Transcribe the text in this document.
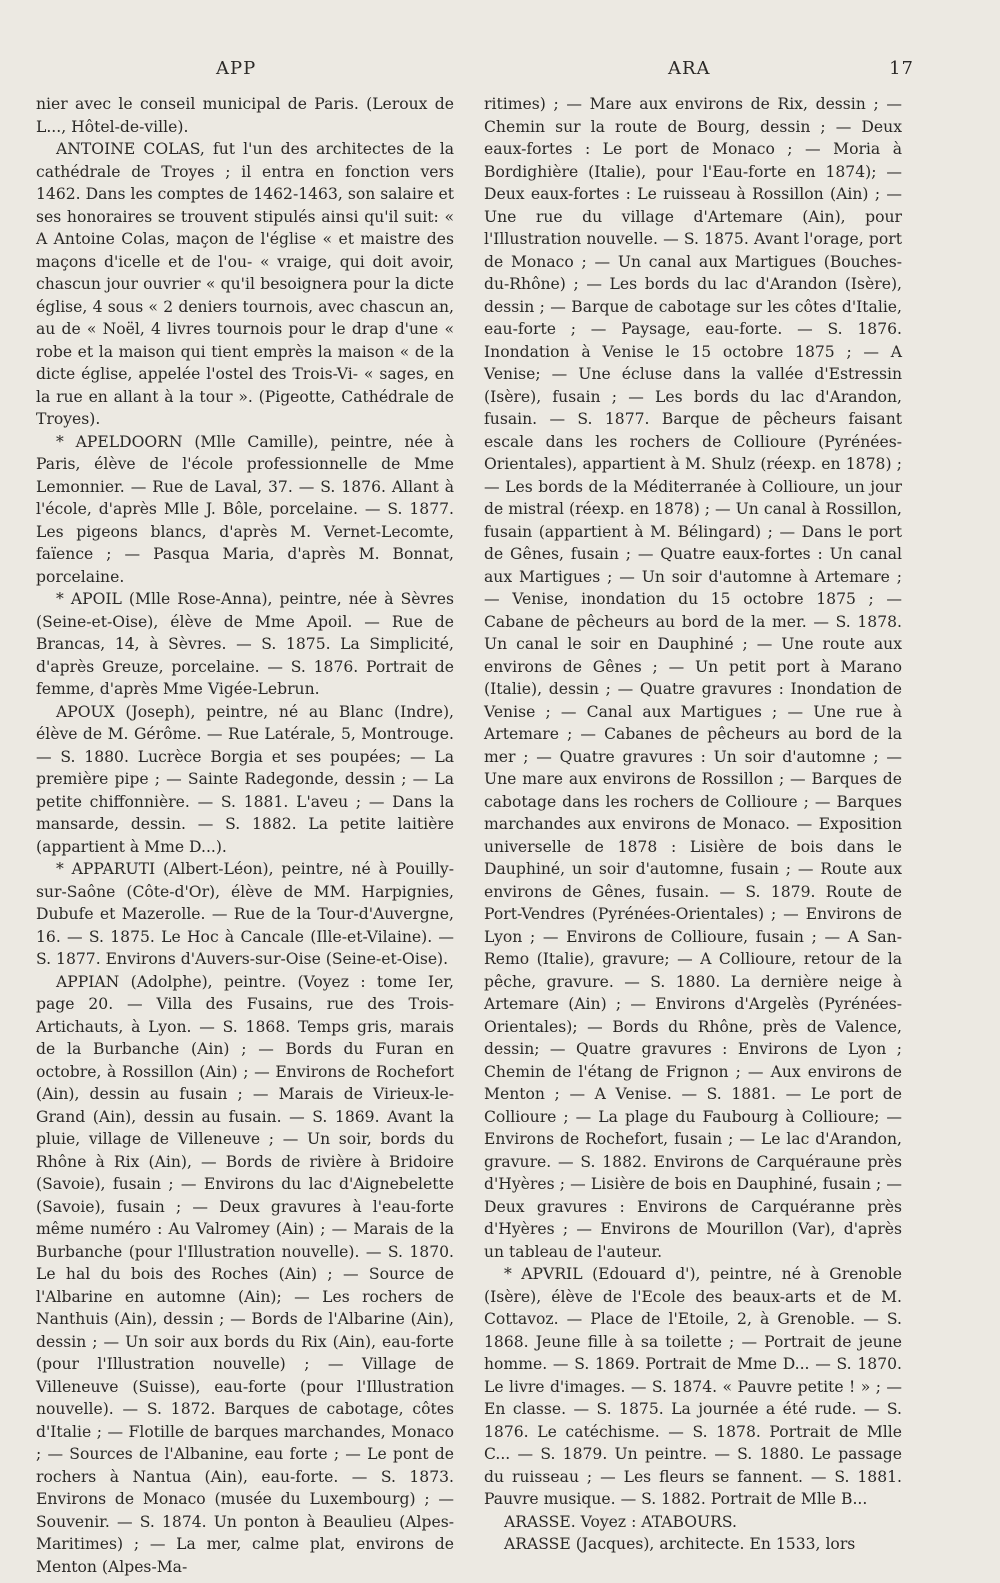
APP	ARA	17

nier avec le conseil municipal de Paris. (Leroux de L..., Hôtel-de-ville).

ANTOINE COLAS, fut l'un des architectes de la cathédrale de Troyes ; il entra en fonction vers 1462. Dans les comptes de 1462-1463, son salaire et ses honoraires se trouvent stipulés ainsi qu'il suit: « A Antoine Colas, maçon de l'église « et maistre des maçons d'icelle et de l'ou- « vraige, qui doit avoir, chascun jour ouvrier « qu'il besoignera pour la dicte église, 4 sous « 2 deniers tournois, avec chascun an, au de « Noël, 4 livres tournois pour le drap d'une « robe et la maison qui tient emprès la maison « de la dicte église, appelée l'ostel des Trois-Vi- « sages, en la rue en allant à la tour ». (Pigeotte, Cathédrale de Troyes).

* APELDOORN (Mlle Camille), peintre, née à Paris, élève de l'école professionnelle de Mme Lemonnier. — Rue de Laval, 37. — S. 1876. Allant à l'école, d'après Mlle J. Bôle, porcelaine. — S. 1877. Les pigeons blancs, d'après M. Vernet-Lecomte, faïence ; — Pasqua Maria, d'après M. Bonnat, porcelaine.

* APOIL (Mlle Rose-Anna), peintre, née à Sèvres (Seine-et-Oise), élève de Mme Apoil. — Rue de Brancas, 14, à Sèvres. — S. 1875. La Simplicité, d'après Greuze, porcelaine. — S. 1876. Portrait de femme, d'après Mme Vigée-Lebrun.

APOUX (Joseph), peintre, né au Blanc (Indre), élève de M. Gérôme. — Rue Latérale, 5, Montrouge. — S. 1880. Lucrèce Borgia et ses poupées; — La première pipe ; — Sainte Radegonde, dessin ; — La petite chiffonnière. — S. 1881. L'aveu ; — Dans la mansarde, dessin. — S. 1882. La petite laitière (appartient à Mme D...).

* APPARUTI (Albert-Léon), peintre, né à Pouilly-sur-Saône (Côte-d'Or), élève de MM. Harpignies, Dubufe et Mazerolle. — Rue de la Tour-d'Auvergne, 16. — S. 1875. Le Hoc à Cancale (Ille-et-Vilaine). — S. 1877. Environs d'Auvers-sur-Oise (Seine-et-Oise).

APPIAN (Adolphe), peintre. (Voyez : tome Ier, page 20. — Villa des Fusains, rue des Trois-Artichauts, à Lyon. — S. 1868. Temps gris, marais de la Burbanche (Ain) ; — Bords du Furan en octobre, à Rossillon (Ain) ; — Environs de Rochefort (Ain), dessin au fusain ; — Marais de Virieux-le-Grand (Ain), dessin au fusain. — S. 1869. Avant la pluie, village de Villeneuve ; — Un soir, bords du Rhône à Rix (Ain), — Bords de rivière à Bridoire (Savoie), fusain ; — Environs du lac d'Aignebelette (Savoie), fusain ; — Deux gravures à l'eau-forte même numéro : Au Valromey (Ain) ; — Marais de la Burbanche (pour l'Illustration nouvelle). — S. 1870. Le hal du bois des Roches (Ain) ; — Source de l'Albarine en automne (Ain); — Les rochers de Nanthuis (Ain), dessin ; — Bords de l'Albarine (Ain), dessin ; — Un soir aux bords du Rix (Ain), eau-forte (pour l'Illustration nouvelle) ; — Village de Villeneuve (Suisse), eau-forte (pour l'Illustration nouvelle). — S. 1872. Barques de cabotage, côtes d'Italie ; — Flotille de barques marchandes, Monaco ; — Sources de l'Albanine, eau forte ; — Le pont de rochers à Nantua (Ain), eau-forte. — S. 1873. Environs de Monaco (musée du Luxembourg) ; — Souvenir. — S. 1874. Un ponton à Beaulieu (Alpes-Maritimes) ; — La mer, calme plat, environs de Menton (Alpes-Ma-

ritimes) ; — Mare aux environs de Rix, dessin ; — Chemin sur la route de Bourg, dessin ; — Deux eaux-fortes : Le port de Monaco ; — Moria à Bordighière (Italie), pour l'Eau-forte en 1874); — Deux eaux-fortes : Le ruisseau à Rossillon (Ain) ; — Une rue du village d'Artemare (Ain), pour l'Illustration nouvelle. — S. 1875. Avant l'orage, port de Monaco ; — Un canal aux Martigues (Bouches-du-Rhône) ; — Les bords du lac d'Arandon (Isère), dessin ; — Barque de cabotage sur les côtes d'Italie, eau-forte ; — Paysage, eau-forte. — S. 1876. Inondation à Venise le 15 octobre 1875 ; — A Venise; — Une écluse dans la vallée d'Estressin (Isère), fusain ; — Les bords du lac d'Arandon, fusain. — S. 1877. Barque de pêcheurs faisant escale dans les rochers de Collioure (Pyrénées-Orientales), appartient à M. Shulz (réexp. en 1878) ; — Les bords de la Méditerranée à Collioure, un jour de mistral (réexp. en 1878) ; — Un canal à Rossillon, fusain (appartient à M. Bélingard) ; — Dans le port de Gênes, fusain ; — Quatre eaux-fortes : Un canal aux Martigues ; — Un soir d'automne à Artemare ; — Venise, inondation du 15 octobre 1875 ; — Cabane de pêcheurs au bord de la mer. — S. 1878. Un canal le soir en Dauphiné ; — Une route aux environs de Gênes ; — Un petit port à Marano (Italie), dessin ; — Quatre gravures : Inondation de Venise ; — Canal aux Martigues ; — Une rue à Artemare ; — Cabanes de pêcheurs au bord de la mer ; — Quatre gravures : Un soir d'automne ; — Une mare aux environs de Rossillon ; — Barques de cabotage dans les rochers de Collioure ; — Barques marchandes aux environs de Monaco. — Exposition universelle de 1878 : Lisière de bois dans le Dauphiné, un soir d'automne, fusain ; — Route aux environs de Gênes, fusain. — S. 1879. Route de Port-Vendres (Pyrénées-Orientales) ; — Environs de Lyon ; — Environs de Collioure, fusain ; — A San-Remo (Italie), gravure; — A Collioure, retour de la pêche, gravure. — S. 1880. La dernière neige à Artemare (Ain) ; — Environs d'Argelès (Pyrénées-Orientales); — Bords du Rhône, près de Valence, dessin; — Quatre gravures : Environs de Lyon ; Chemin de l'étang de Frignon ; — Aux environs de Menton ; — A Venise. — S. 1881. — Le port de Collioure ; — La plage du Faubourg à Collioure; — Environs de Rochefort, fusain ; — Le lac d'Arandon, gravure. — S. 1882. Environs de Carquéraune près d'Hyères ; — Lisière de bois en Dauphiné, fusain ; — Deux gravures : Environs de Carquéranne près d'Hyères ; — Environs de Mourillon (Var), d'après un tableau de l'auteur.

* APVRIL (Edouard d'), peintre, né à Grenoble (Isère), élève de l'Ecole des beaux-arts et de M. Cottavoz. — Place de l'Etoile, 2, à Grenoble. — S. 1868. Jeune fille à sa toilette ; — Portrait de jeune homme. — S. 1869. Portrait de Mme D... — S. 1870. Le livre d'images. — S. 1874. « Pauvre petite ! » ; — En classe. — S. 1875. La journée a été rude. — S. 1876. Le catéchisme. — S. 1878. Portrait de Mlle C... — S. 1879. Un peintre. — S. 1880. Le passage du ruisseau ; — Les fleurs se fannent. — S. 1881. Pauvre musique. — S. 1882. Portrait de Mlle B...

ARASSE. Voyez : ATABOURS.

ARASSE (Jacques), architecte. En 1533, lors
